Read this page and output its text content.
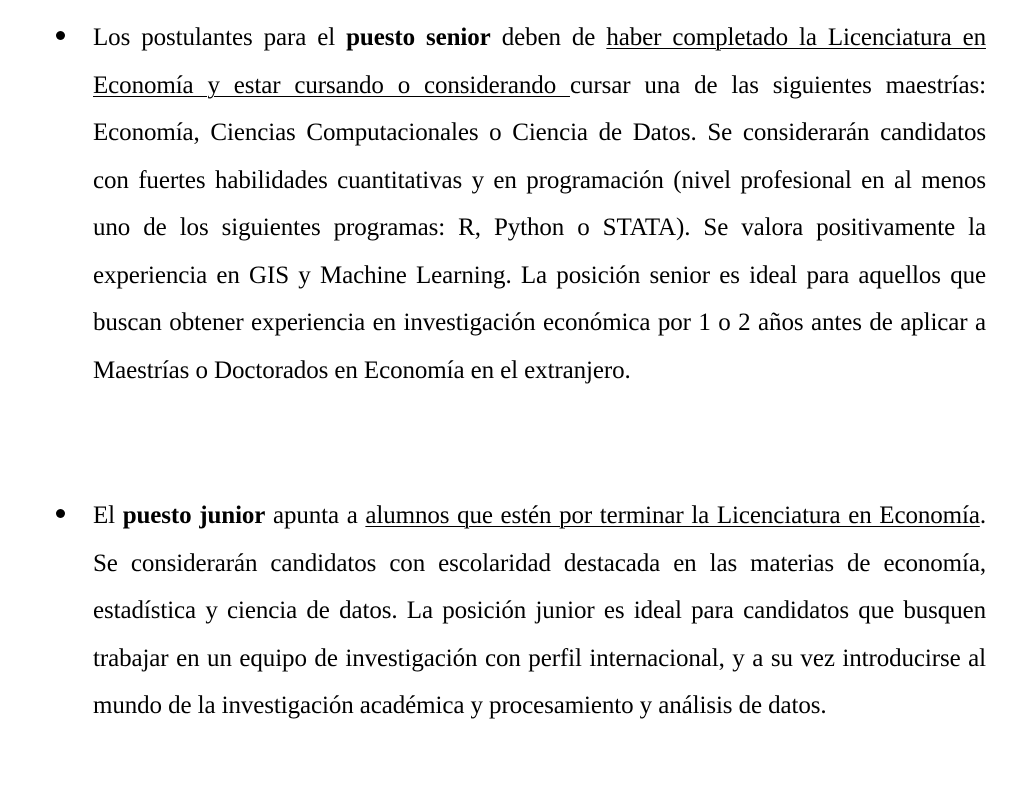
Los postulantes para el puesto senior deben de haber completado la Licenciatura en Economía y estar cursando o considerando cursar una de las siguientes maestrías: Economía, Ciencias Computacionales o Ciencia de Datos. Se considerarán candidatos con fuertes habilidades cuantitativas y en programación (nivel profesional en al menos uno de los siguientes programas: R, Python o STATA). Se valora positivamente la experiencia en GIS y Machine Learning. La posición senior es ideal para aquellos que buscan obtener experiencia en investigación económica por 1 o 2 años antes de aplicar a Maestrías o Doctorados en Economía en el extranjero.

El puesto junior apunta a alumnos que estén por terminar la Licenciatura en Economía. Se considerarán candidatos con escolaridad destacada en las materias de economía, estadística y ciencia de datos. La posición junior es ideal para candidatos que busquen trabajar en un equipo de investigación con perfil internacional, y a su vez introducirse al mundo de la investigación académica y procesamiento y análisis de datos.
